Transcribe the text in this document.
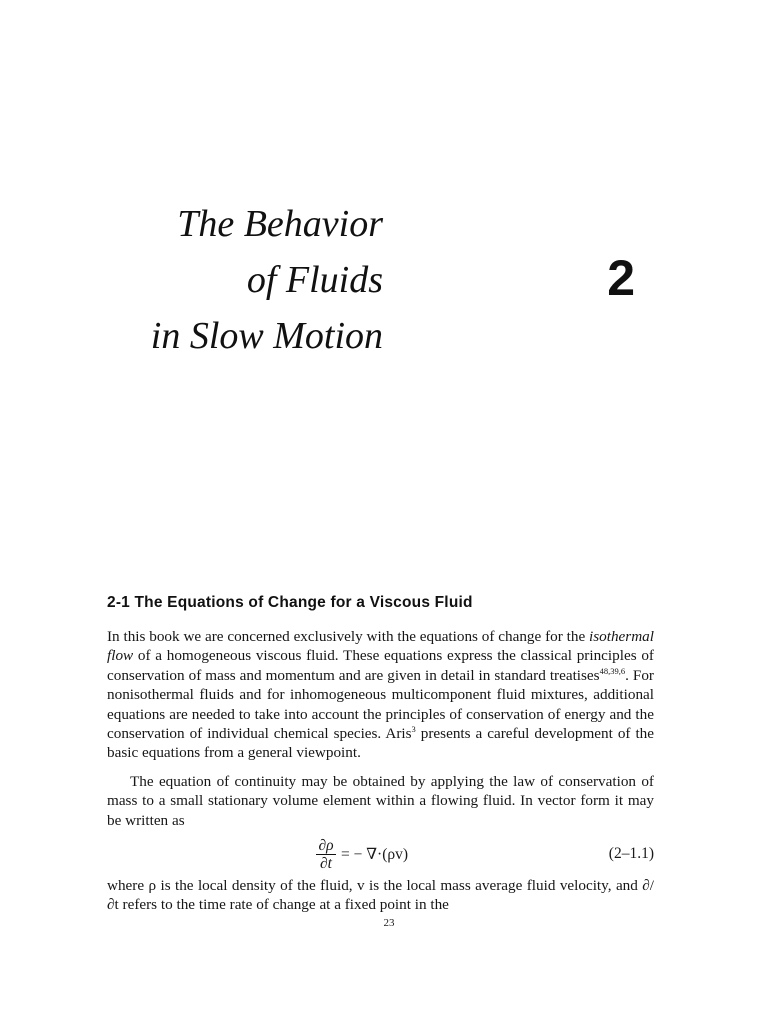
The Behavior
of Fluids
in Slow Motion
2
2-1 The Equations of Change for a Viscous Fluid
In this book we are concerned exclusively with the equations of change for the isothermal flow of a homogeneous viscous fluid. These equations express the classical principles of conservation of mass and momentum and are given in detail in standard treatises$^{48,39,6}$. For nonisothermal fluids and for inhomogeneous multicomponent fluid mixtures, additional equations are needed to take into account the principles of conservation of energy and the conservation of individual chemical species. Aris$^3$ presents a careful development of the basic equations from a general viewpoint.
The equation of continuity may be obtained by applying the law of conservation of mass to a small stationary volume element within a flowing fluid. In vector form it may be written as
$\frac{\partial\rho}{\partial t}$ = − ∇·(ρv)	(2–1.1)
where ρ is the local density of the fluid, v is the local mass average fluid velocity, and ∂/∂t refers to the time rate of change at a fixed point in the
23
